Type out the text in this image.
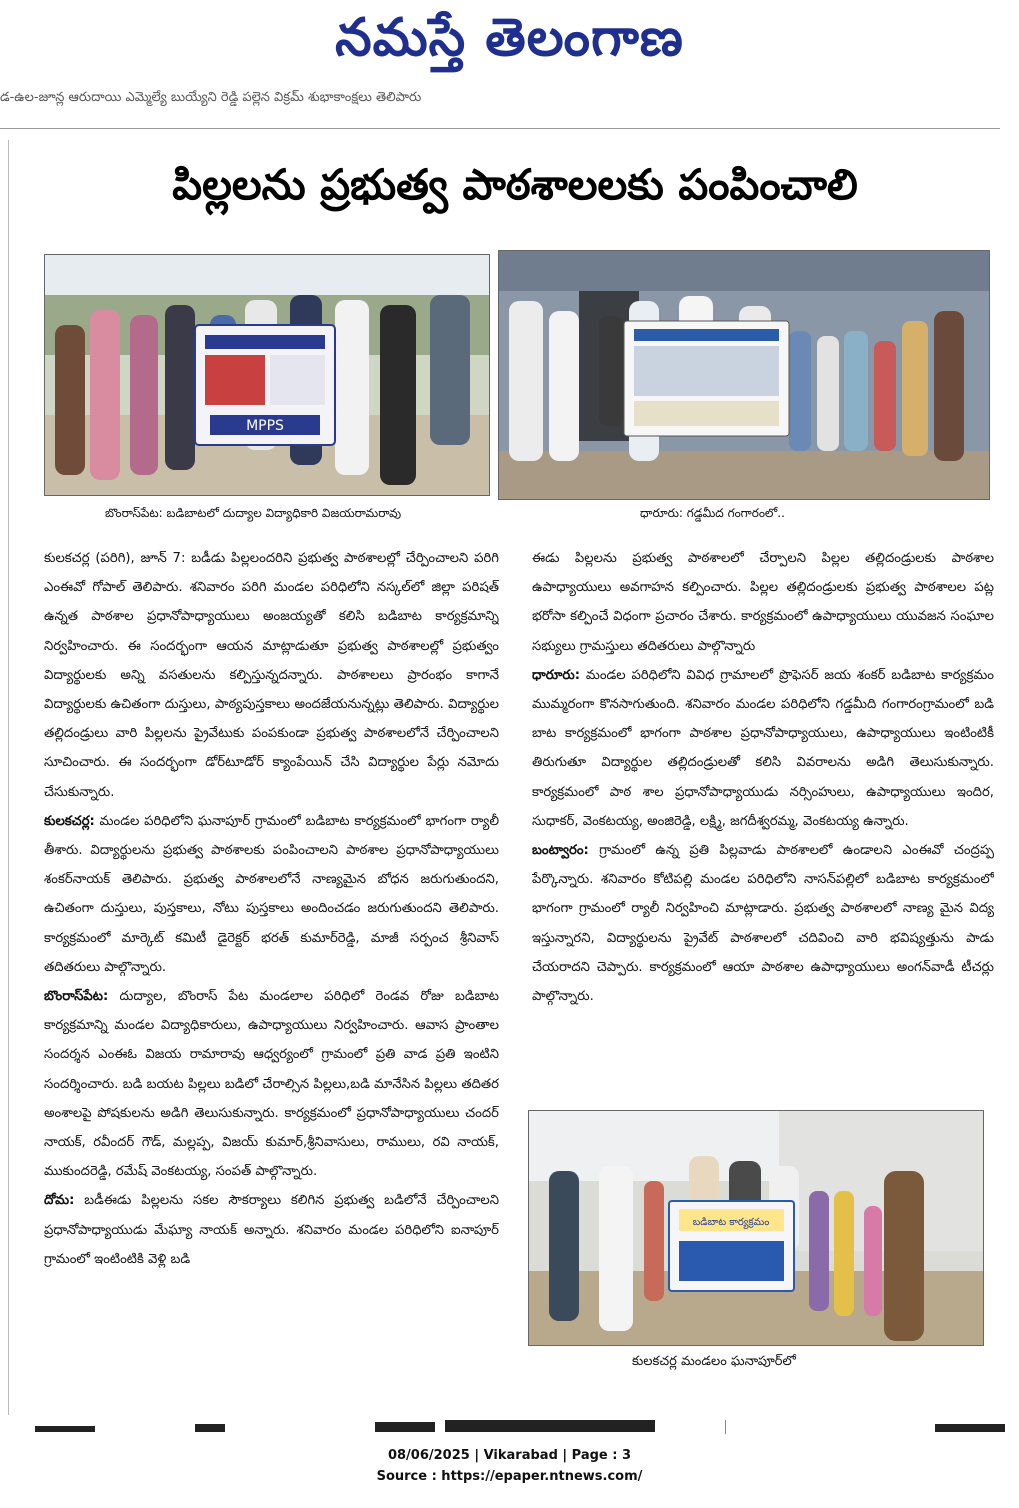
నమస్తే తెలంగాణ
డ-ఉల-జూన్ల ఆరుదాయి ఎమ్మెల్యే బుయ్యేని రెడ్డి పల్లెన విక్రమ్ శుభాకాంక్షలు తెలిపారు
పిల్లలను ప్రభుత్వ పాఠశాలలకు పంపించాలి
MPPS
బొంరాస్‌పేట: బడిబాటలో దుద్యాల విద్యాధికారి విజయరామరావు	ధారూరు: గడ్డమీద గంగారంలో..

కులకచర్ల (పరిగి), జూన్ 7: బడీడు పిల్లలందరిని ప్రభుత్వ పాఠశాలల్లో చేర్పించాలని పరిగి ఎంఈవో గోపాల్ తెలిపారు. శనివారం పరిగి మండల పరిధిలోని నస్కల్‌లో జిల్లా పరిషత్ ఉన్నత పాఠశాల ప్రధానోపాధ్యాయులు అంజయ్యతో కలిసి బడిబాట కార్యక్రమాన్ని నిర్వహించారు. ఈ సందర్భంగా ఆయన మాట్లాడుతూ ప్రభుత్వ పాఠశాలల్లో ప్రభుత్వం విద్యార్థులకు అన్ని వసతులను కల్పిస్తున్నదన్నారు. పాఠశాలలు ప్రారంభం కాగానే విద్యార్థులకు ఉచితంగా దుస్తులు, పాఠ్యపుస్తకాలు అందజేయనున్నట్లు తెలిపారు. విద్యార్థుల తల్లిదండ్రులు వారి పిల్లలను ప్రైవేటుకు పంపకుండా ప్రభుత్వ పాఠశాలలోనే చేర్పించాలని సూచించారు. ఈ సందర్భంగా డోర్‌టూడోర్ క్యాంపేయిన్ చేసి విద్యార్థుల పేర్లు నమోదు చేసుకున్నారు.

కులకచర్ల: మండల పరిధిలోని ఘనాపూర్ గ్రామంలో బడిబాట కార్యక్రమంలో భాగంగా ర్యాలీ తీశారు. విద్యార్థులను ప్రభుత్వ పాఠశాలకు పంపించాలని పాఠశాల ప్రధానోపాధ్యాయులు శంకర్‌నాయక్ తెలిపారు. ప్రభుత్వ పాఠశాలలోనే నాణ్యమైన బోధన జరుగుతుందని, ఉచితంగా దుస్తులు, పుస్తకాలు, నోటు పుస్తకాలు అందించడం జరుగుతుందని తెలిపారు. కార్యక్రమంలో మార్కెట్ కమిటీ డైరెక్టర్ భరత్ కుమార్‌రెడ్డి, మాజీ సర్పంచ శ్రీనివాస్ తదితరులు పాల్గొన్నారు.

బొంరాస్‌పేట: దుద్యాల, బొంరాస్ పేట మండలాల పరిధిలో రెండవ రోజు బడిబాట కార్యక్రమాన్ని మండల విద్యాధికారులు, ఉపాధ్యాయులు నిర్వహించారు. ఆవాస ప్రాంతాల సందర్శన ఎంఈఓ విజయ రామారావు ఆధ్వర్యంలో గ్రామంలో ప్రతి వాడ ప్రతి ఇంటిని సందర్శించారు. బడి బయట పిల్లలు బడిలో చేరాల్సిన పిల్లలు,బడి మానేసిన పిల్లలు తదితర అంశాలపై పోషకులను అడిగి తెలుసుకున్నారు. కార్యక్రమంలో ప్రధానోపాధ్యాయులు చందర్ నాయక్, రవీందర్ గౌడ్, మల్లప్ప, విజయ్ కుమార్,శ్రీనివాసులు, రాములు, రవి నాయక్, ముకుందరెడ్డి, రమేష్ వెంకటయ్య, సంపత్ పాల్గొన్నారు.

దోమ: బడీఈడు పిల్లలను సకల సౌకర్యాలు కలిగిన ప్రభుత్వ బడిలోనే చేర్పించాలని ప్రధానోపాధ్యాయుడు మేఘ్యా నాయక్ అన్నారు. శనివారం మండల పరిధిలోని ఐనాపూర్ గ్రామంలో ఇంటింటికి వెళ్లి బడి

ఈడు పిల్లలను ప్రభుత్వ పాఠశాలలో చేర్పాలని పిల్లల తల్లిదండ్రులకు పాఠశాల ఉపాధ్యాయులు అవగాహన కల్పించారు. పిల్లల తల్లిదండ్రులకు ప్రభుత్వ పాఠశాలల పట్ల భరోసా కల్పించే విధంగా ప్రచారం చేశారు. కార్యక్రమంలో ఉపాధ్యాయులు యువజన సంఘాల సభ్యులు గ్రామస్తులు తదితరులు పాల్గొన్నారు

ధారూరు: మండల పరిధిలోని వివిధ గ్రామాలలో ప్రొఫెసర్ జయ శంకర్ బడిబాట కార్యక్రమం ముమ్మరంగా కొనసాగుతుంది. శనివారం మండల పరిధిలోని గడ్డమీది గంగారంగ్రామంలో బడి బాట కార్యక్రమంలో భాగంగా పాఠశాల ప్రధానోపాధ్యాయులు, ఉపాధ్యాయులు ఇంటింటికీ తిరుగుతూ విద్యార్థుల తల్లిదండ్రులతో కలిసి వివరాలను అడిగి తెలుసుకున్నారు. కార్యక్రమంలో పాఠ శాల ప్రధానోపాధ్యాయుడు నర్సింహులు, ఉపాధ్యాయులు ఇందిర, సుధాకర్, వెంకటయ్య, అంజిరెడ్డి, లక్ష్మి, జగదీశ్వరమ్మ, వెంకటయ్య ఉన్నారు.

బంట్వారం: గ్రామంలో ఉన్న ప్రతి పిల్లవాడు పాఠశాలలో ఉండాలని ఎంఈవో చంద్రప్ప పేర్కొన్నారు. శనివారం కోటిపల్లి మండల పరిధిలోని నాసన్‌పల్లిలో బడిబాట కార్యక్రమంలో భాగంగా గ్రామంలో ర్యాలీ నిర్వహించి మాట్లాడారు. ప్రభుత్వ పాఠశాలలో నాణ్య మైన విద్య ఇస్తున్నారని, విద్యార్థులను ప్రైవేట్ పాఠశాలలో చదివించి వారి భవిష్యత్తును పాడు చేయరాదని చెప్పారు. కార్యక్రమంలో ఆయా పాఠశాల ఉపాధ్యాయులు అంగన్‌వాడీ టీచర్లు పాల్గొన్నారు.

బడిబాట కార్యక్రమం
కులకచర్ల మండలం ఘనాపూర్‌లో
08/06/2025 | Vikarabad | Page : 3
Source : https://epaper.ntnews.com/
